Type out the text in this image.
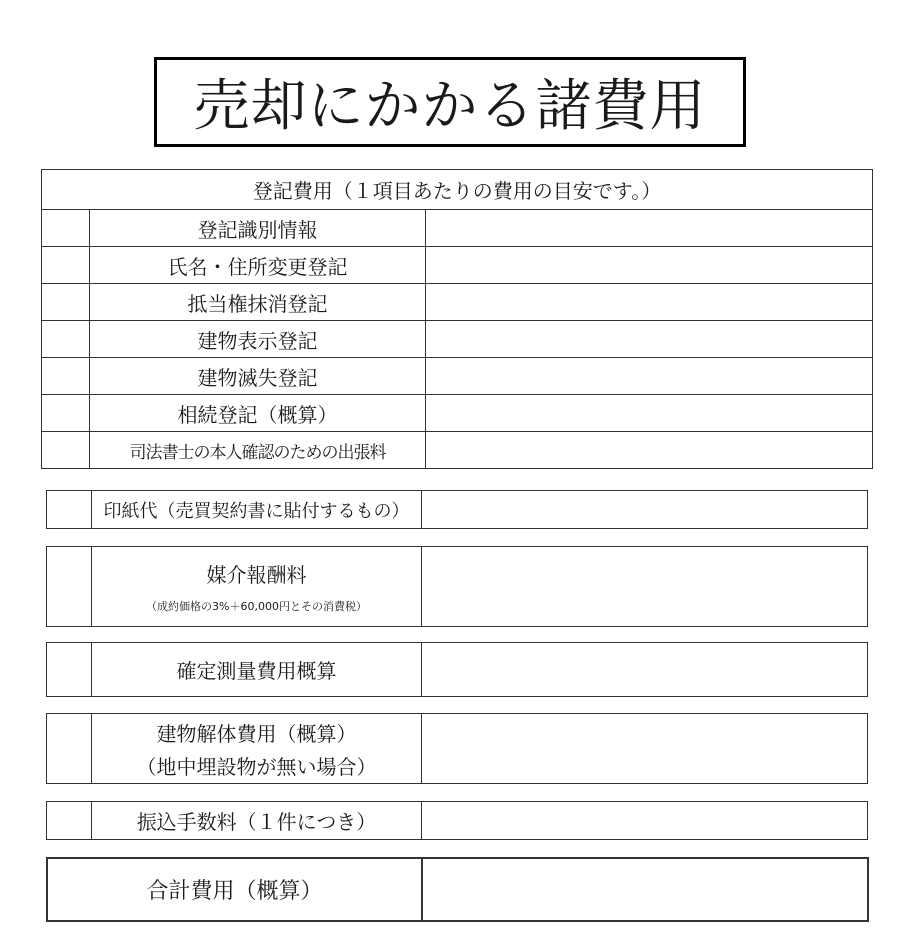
売却にかかる諸費用
登記費用（１項目あたりの費用の目安です。）		
	登記識別情報	
	氏名・住所変更登記	
	抵当権抹消登記	
	建物表示登記	
	建物滅失登記	
	相続登記（概算）	
	司法書士の本人確認のための出張料	
	印紙代（売買契約書に貼付するもの）	
	媒介報酬料
（成約価格の3%＋60,000円とその消費税）

	確定測量費用概算	

建物解体費用（概算）
（地中埋設物が無い場合）

	振込手数料（１件につき）	
合計費用（概算）	
